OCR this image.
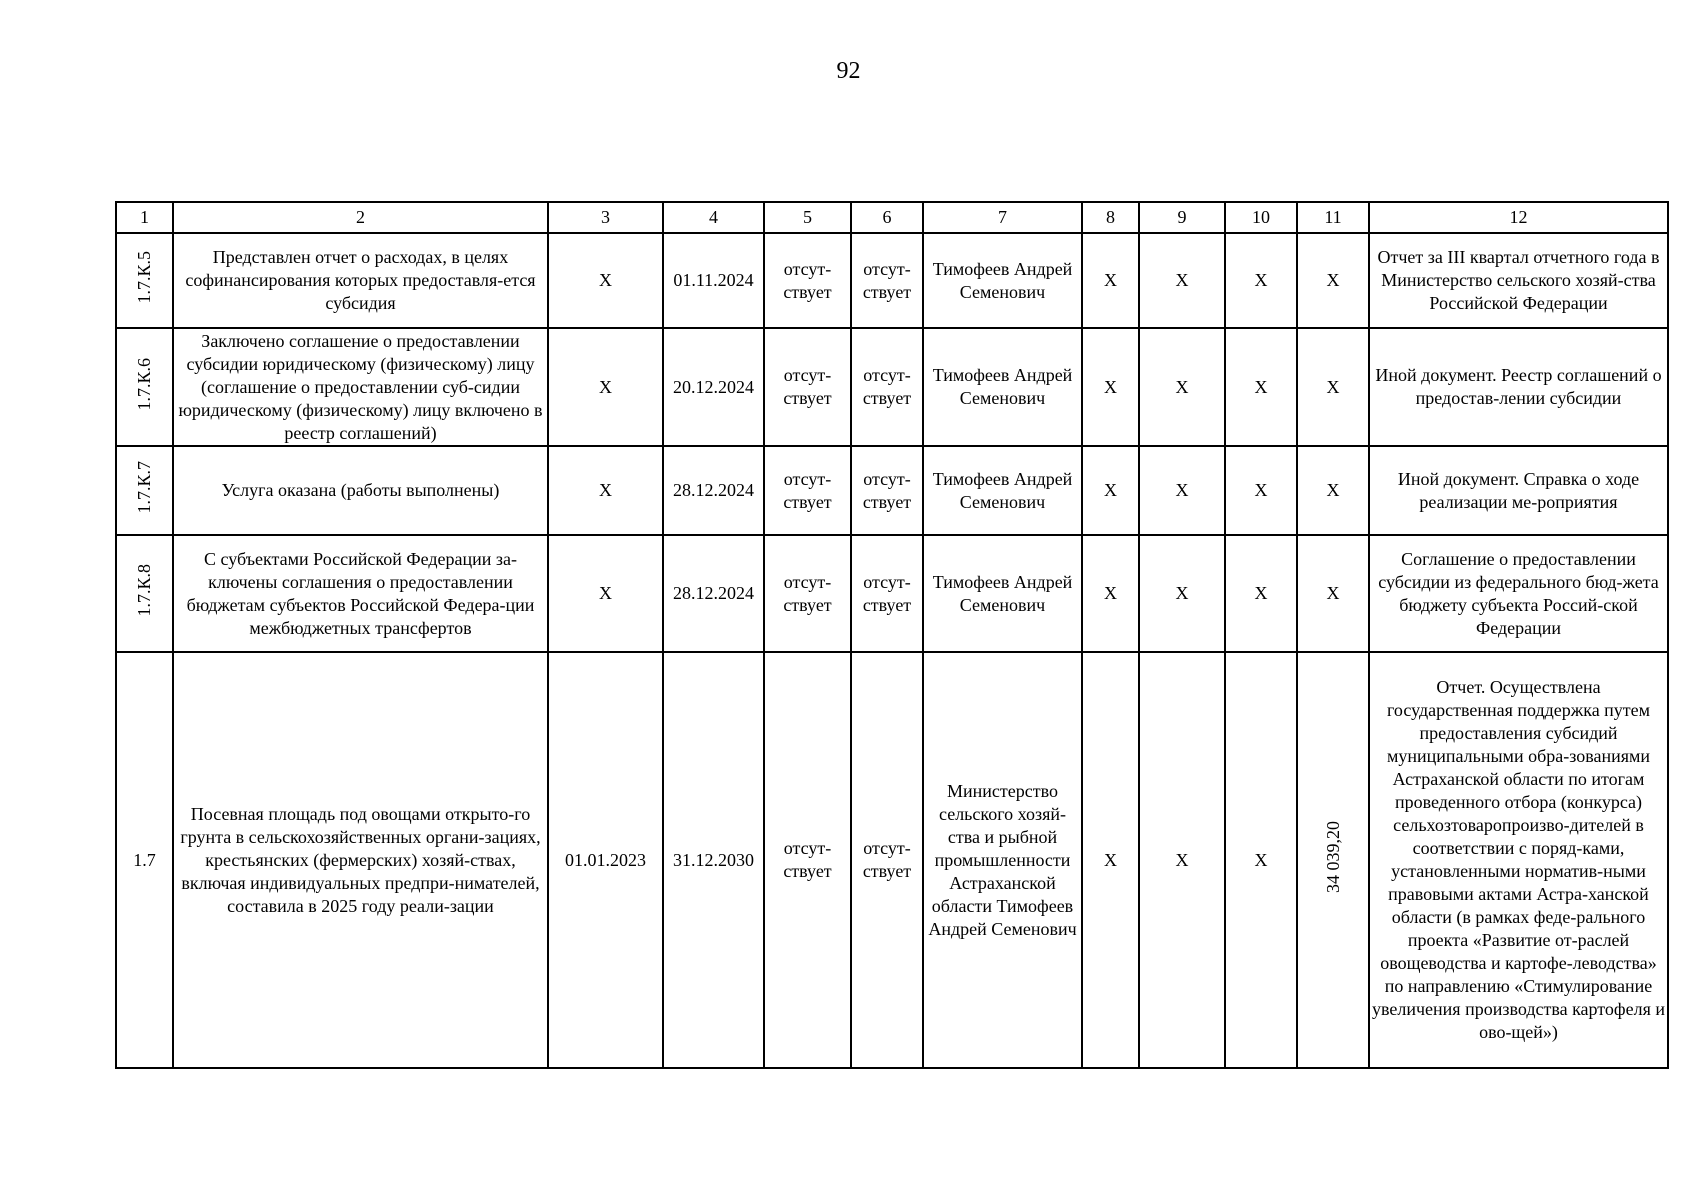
92
1	2	3	4	5	6	7	8	9	10	11	12
1.7.К.5	Представлен отчет о расходах, в целях софинансирования которых предоставля-ется субсидия	Х	01.11.2024	отсут-ствует	отсут-ствует	Тимофеев Андрей Семенович	Х	Х	Х	Х	Отчет за III квартал отчетного года в Министерство сельского хозяй-ства Российской Федерации
1.7.К.6	Заключено соглашение о предоставлении субсидии юридическому (физическому) лицу (соглашение о предоставлении суб-сидии юридическому (физическому) лицу включено в реестр соглашений)	Х	20.12.2024	отсут-ствует	отсут-ствует	Тимофеев Андрей Семенович	Х	Х	Х	Х	Иной документ. Реестр соглашений о предостав-лении субсидии
1.7.К.7	Услуга оказана (работы выполнены)	Х	28.12.2024	отсут-ствует	отсут-ствует	Тимофеев Андрей Семенович	Х	Х	Х	Х	Иной документ. Справка о ходе реализации ме-роприятия
1.7.К.8	С субъектами Российской Федерации за-ключены соглашения о предоставлении бюджетам субъектов Российской Федера-ции межбюджетных трансфертов	Х	28.12.2024	отсут-ствует	отсут-ствует	Тимофеев Андрей Семенович	Х	Х	Х	Х	Соглашение о предоставлении субсидии из федерального бюд-жета бюджету субъекта Россий-ской Федерации
1.7	Посевная площадь под овощами открыто-го грунта в сельскохозяйственных органи-зациях, крестьянских (фермерских) хозяй-ствах, включая индивидуальных предпри-нимателей, составила в 2025 году реали-зации	01.01.2023	31.12.2030	отсут-ствует	отсут-ствует	Министерство сельского хозяй-ства и рыбной промышленности Астраханской области Тимофеев Андрей Семенович	Х	Х	Х	34 039,20	Отчет. Осуществлена государственная поддержка путем предоставления субсидий муниципальными обра-зованиями Астраханской области по итогам проведенного отбора (конкурса) сельхозтоваропроизво-дителей в соответствии с поряд-ками, установленными норматив-ными правовыми актами Астра-ханской области (в рамках феде-рального проекта «Развитие от-раслей овощеводства и картофе-леводства» по направлению «Стимулирование увеличения производства картофеля и ово-щей»)
